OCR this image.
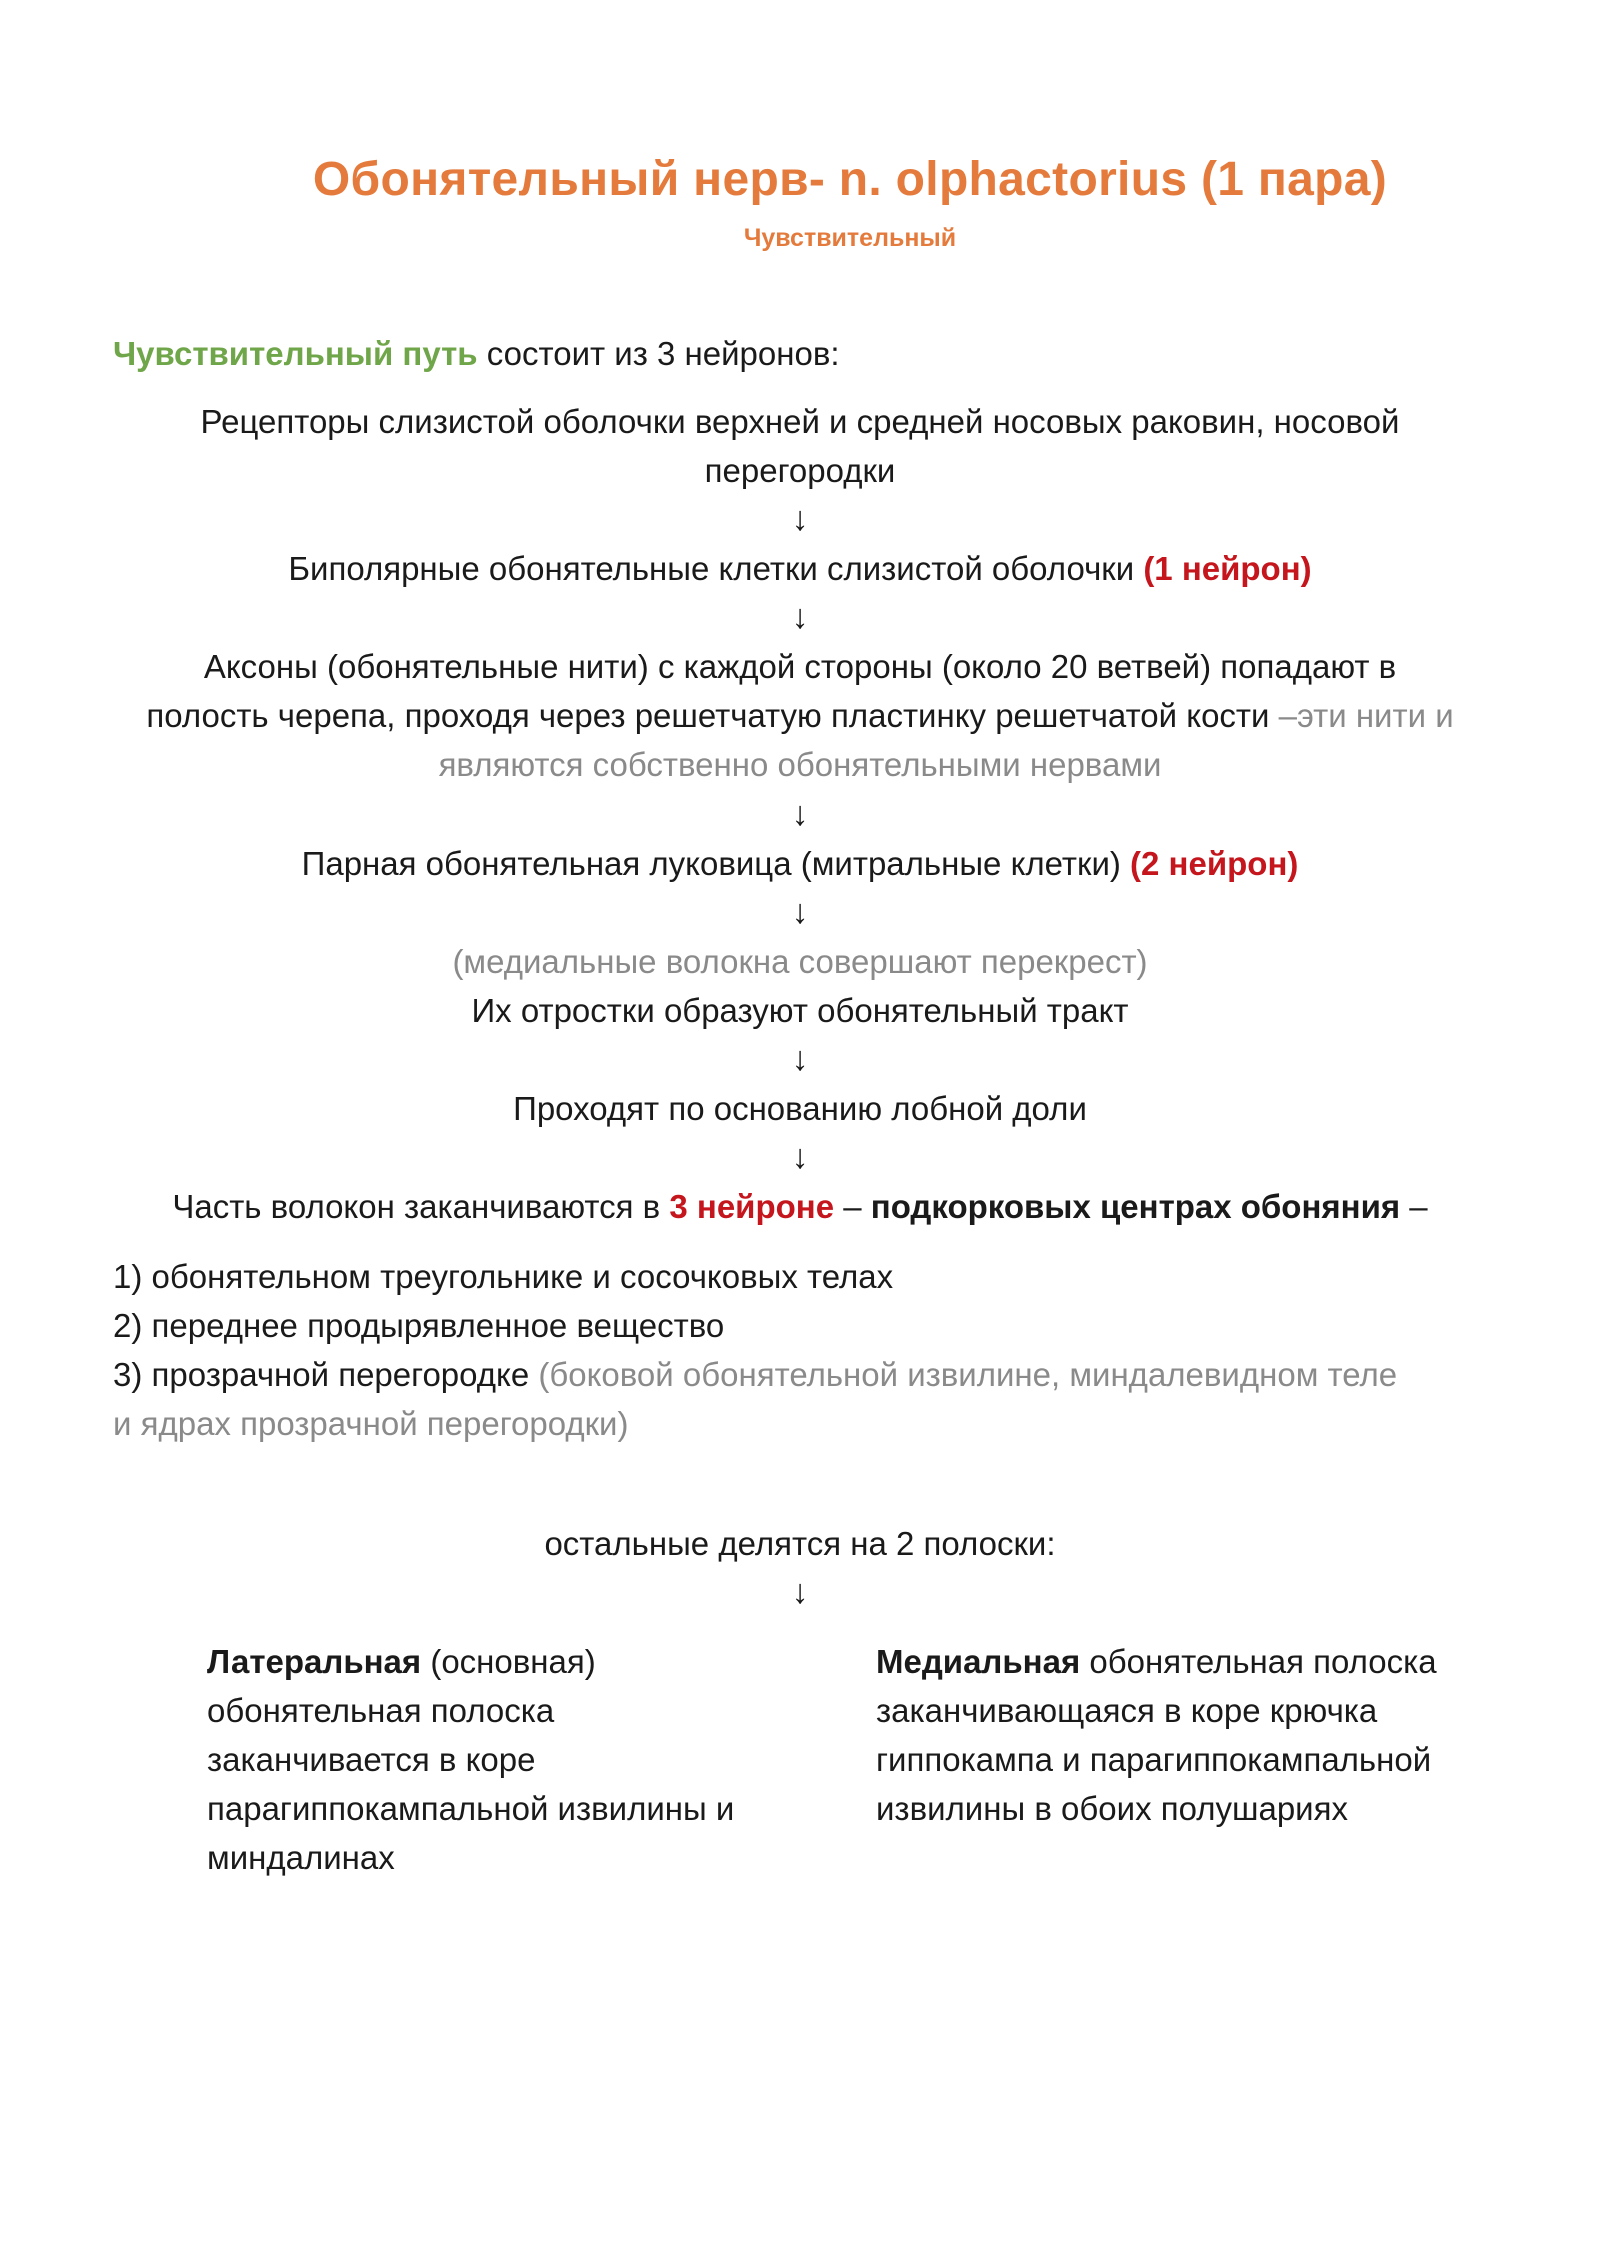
Обонятельный нерв- n. olphactorius (1 пара)
Чувствительный
Чувствительный путь состоит из 3 нейронов:
Рецепторы слизистой оболочки верхней и средней носовых раковин, носовой
перегородки
↓
Биполярные обонятельные клетки слизистой оболочки (1 нейрон)
↓
Аксоны (обонятельные нити) с каждой стороны (около 20 ветвей) попадают в
полость черепа, проходя через решетчатую пластинку решетчатой кости –эти нити и
являются собственно обонятельными нервами
↓
Парная обонятельная луковица (митральные клетки) (2 нейрон)
↓
(медиальные волокна совершают перекрест)
Их отростки образуют обонятельный тракт
↓
Проходят по основанию лобной доли
↓
Часть волокон заканчиваются в 3 нейроне – подкорковых центрах обоняния –
1) обонятельном треугольнике и сосочковых телах
2) переднее продырявленное вещество
3) прозрачной перегородке (боковой обонятельной извилине, миндалевидном теле
и ядрах прозрачной перегородки)
остальные делятся на 2 полоски:
↓
Латеральная (основная)
обонятельная полоска
заканчивается в коре
парагиппокампальной извилины и
миндалинах
Медиальная обонятельная полоска
заканчивающаяся в коре крючка
гиппокампа и парагиппокампальной
извилины в обоих полушариях
